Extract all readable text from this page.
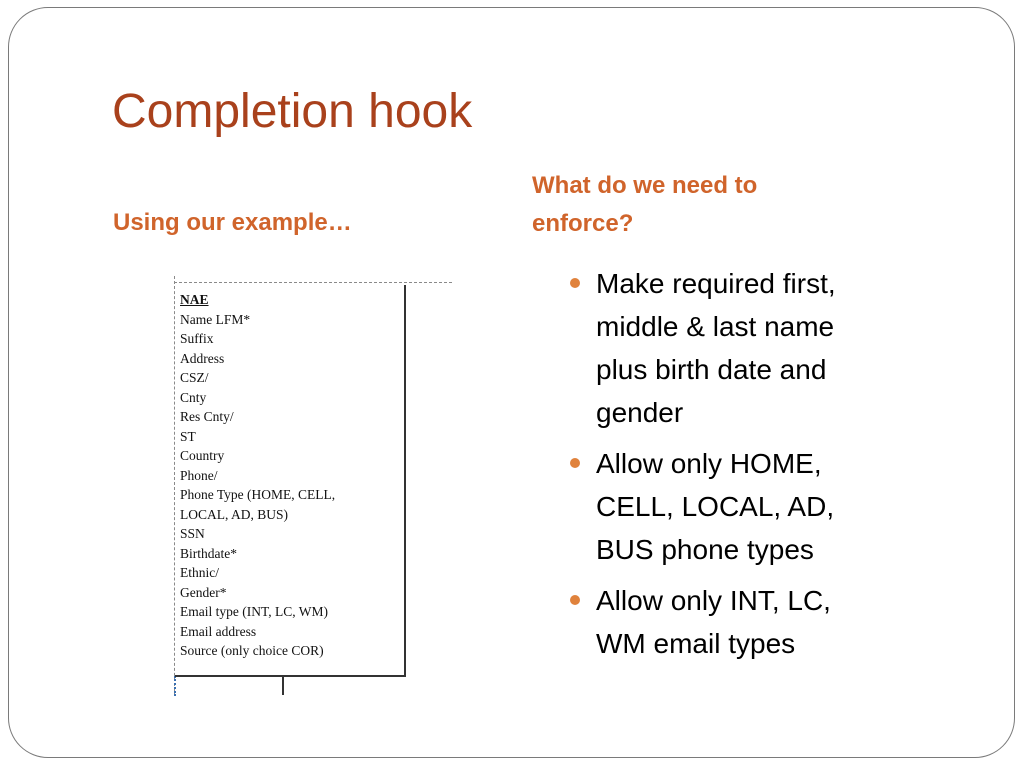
Completion hook
Using our example…
What do we need to
enforce?
NAE
Name LFM*
Suffix
Address
CSZ/
Cnty
Res Cnty/
ST
Country
Phone/
Phone Type (HOME, CELL,
LOCAL, AD, BUS)
SSN
Birthdate*
Ethnic/
Gender*
Email type (INT, LC, WM)
Email address
Source (only choice COR)
Make required first,
middle & last name
plus birth date and
gender
Allow only HOME,
CELL, LOCAL, AD,
BUS phone types
Allow only INT, LC,
WM email types
